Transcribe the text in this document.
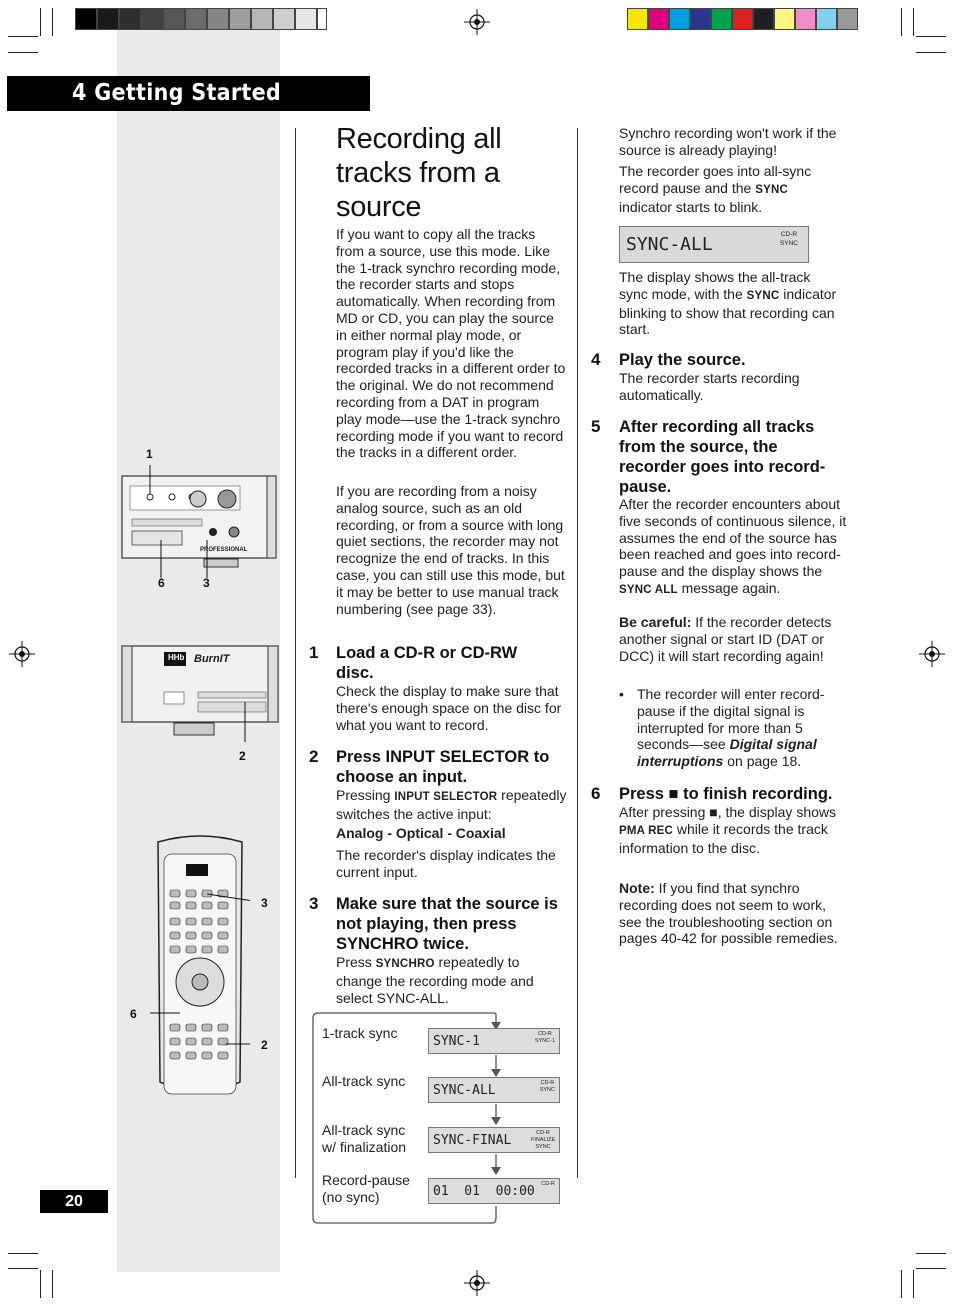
4 Getting Started
20
PROFESSIONAL
1
6	3
HHb BurnIT
2
3
6
2
Recording all tracks from a source
If you want to copy all the tracks from a source, use this mode. Like the 1-track synchro recording mode, the recorder starts and stops automatically. When recording from MD or CD, you can play the source in either normal play mode, or program play if you'd like the recorded tracks in a different order to the original. We do not recommend recording from a DAT in program play mode—use the 1-track synchro recording mode if you want to record the tracks in a different order.
If you are recording from a noisy analog source, such as an old recording, or from a source with long quiet sections, the recorder may not recognize the end of tracks. In this case, you can still use this mode, but it may be better to use manual track numbering (see page 33).
1 Load a CD-R or CD-RW disc.
Check the display to make sure that there's enough space on the disc for what you want to record.
2 Press INPUT SELECTOR to choose an input.
Pressing INPUT SELECTOR repeatedly switches the active input:
Analog - Optical - Coaxial
The recorder's display indicates the current input.
3 Make sure that the source is not playing, then press SYNCHRO twice.
Press SYNCHRO repeatedly to change the recording mode and select SYNC-ALL.
1-track sync
SYNC-1	CD-R
SYNC-1
All-track sync
SYNC-ALL	CD-R
SYNC
All-track sync w/ finalization	SYNC-FINAL	CD-R
FINALIZE SYNC
Record-pause (no sync)	01  01  00:00 CD-R
Synchro recording won't work if the source is already playing!
The recorder goes into all-sync record pause and the SYNC indicator starts to blink.
SYNC-ALL	CD-R
SYNC
The display shows the all-track sync mode, with the SYNC indicator blinking to show that recording can start.
4 Play the source.
The recorder starts recording automatically.
5 After recording all tracks from the source, the recorder goes into record-pause.
After the recorder encounters about five seconds of continuous silence, it assumes the end of the source has been reached and goes into record-pause and the display shows the SYNC ALL message again.
Be careful: If the recorder detects another signal or start ID (DAT or DCC) it will start recording again!
• The recorder will enter record-pause if the digital signal is interrupted for more than 5 seconds—see Digital signal interruptions on page 18.
6 Press ■ to finish recording.
After pressing ■, the display shows PMA REC while it records the track information to the disc.
Note: If you find that synchro recording does not seem to work, see the troubleshooting section on pages 40-42 for possible remedies.
